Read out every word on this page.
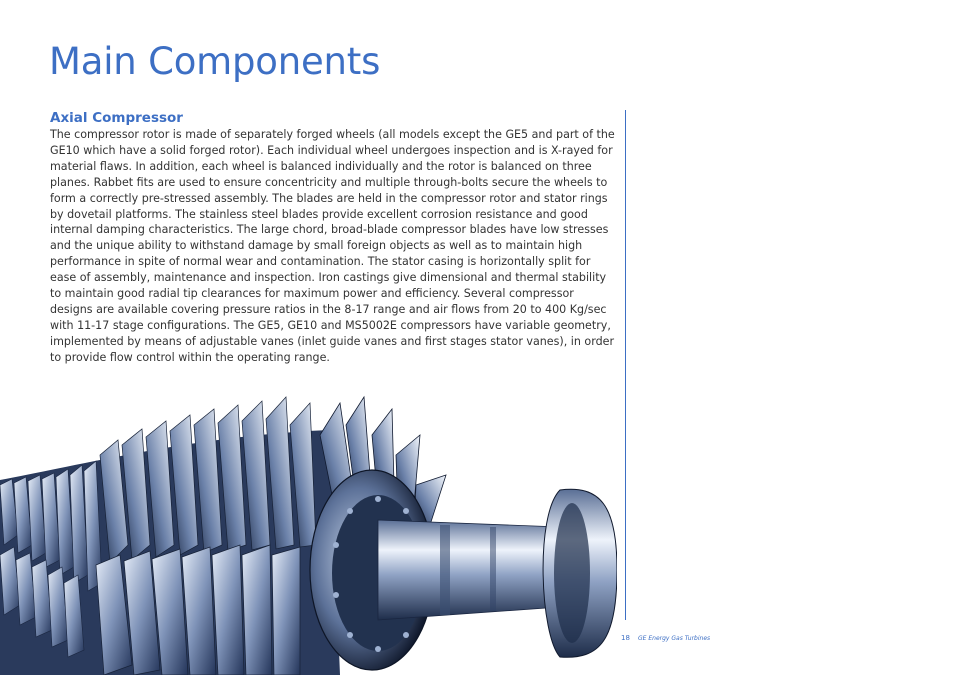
Main Components
Axial Compressor

The compressor rotor is made of separately forged wheels (all models except the GE5 and part of the GE10 which have a solid forged rotor). Each individual wheel undergoes inspection and is X-rayed for material flaws. In addition, each wheel is balanced individually and the rotor is balanced on three planes. Rabbet fits are used to ensure concentricity and multiple through-bolts secure the wheels to form a correctly pre-stressed assembly. The blades are held in the compressor rotor and stator rings by dovetail platforms. The stainless steel blades provide excellent corrosion resistance and good internal damping characteristics. The large chord, broad-blade compressor blades have low stresses and the unique ability to withstand damage by small foreign objects as well as to maintain high performance in spite of normal wear and contamination. The stator casing is horizontally split for ease of assembly, maintenance and inspection. Iron castings give dimensional and thermal stability to maintain good radial tip clearances for maximum power and efficiency. Several compressor designs are available covering pressure ratios in the 8-17 range and air flows from 20 to 400 Kg/sec with 11-17 stage configurations. The GE5, GE10 and MS5002E compressors have variable geometry, implemented by means of adjustable vanes (inlet guide vanes and first stages stator vanes), in order to provide flow control within the operating range.

18 GE Energy Gas Turbines
